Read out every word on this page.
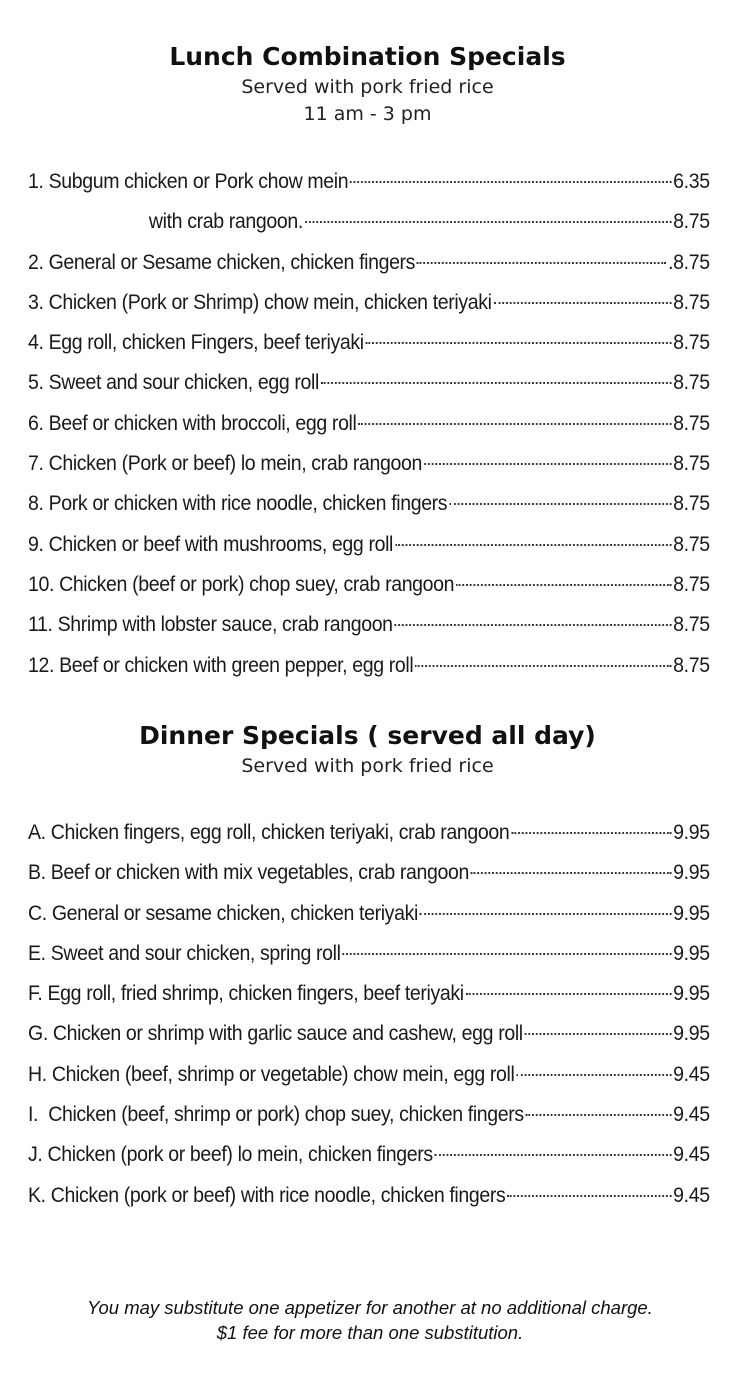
Lunch Combination Specials
Served with pork fried rice
11 am - 3 pm
1. Subgum chicken or Pork chow mein	6.35
with crab rangoon.	8.75
2. General or Sesame chicken, chicken fingers	.8.75
3. Chicken (Pork or Shrimp) chow mein, chicken teriyaki	8.75
4. Egg roll, chicken Fingers, beef teriyaki	8.75
5. Sweet and sour chicken, egg roll	8.75
6. Beef or chicken with broccoli, egg roll	8.75
7. Chicken (Pork or beef) lo mein, crab rangoon	8.75
8. Pork or chicken with rice noodle, chicken fingers	8.75
9. Chicken or beef with mushrooms, egg roll	8.75
10. Chicken (beef or pork) chop suey, crab rangoon	8.75
11. Shrimp with lobster sauce, crab rangoon	8.75
12. Beef or chicken with green pepper, egg roll	8.75
Dinner Specials ( served all day)
Served with pork fried rice
A. Chicken fingers, egg roll, chicken teriyaki, crab rangoon	9.95
B. Beef or chicken with mix vegetables, crab rangoon	9.95
C. General or sesame chicken, chicken teriyaki	9.95
E. Sweet and sour chicken, spring roll	9.95
F. Egg roll, fried shrimp, chicken fingers, beef teriyaki	9.95
G. Chicken or shrimp with garlic sauce and cashew, egg roll	9.95
H. Chicken (beef, shrimp or vegetable) chow mein, egg roll	9.45
I.  Chicken (beef, shrimp or pork) chop suey, chicken fingers	9.45
J. Chicken (pork or beef) lo mein, chicken fingers	9.45
K. Chicken (pork or beef) with rice noodle, chicken fingers	9.45
You may substitute one appetizer for another at no additional charge.
$1 fee for more than one substitution.
